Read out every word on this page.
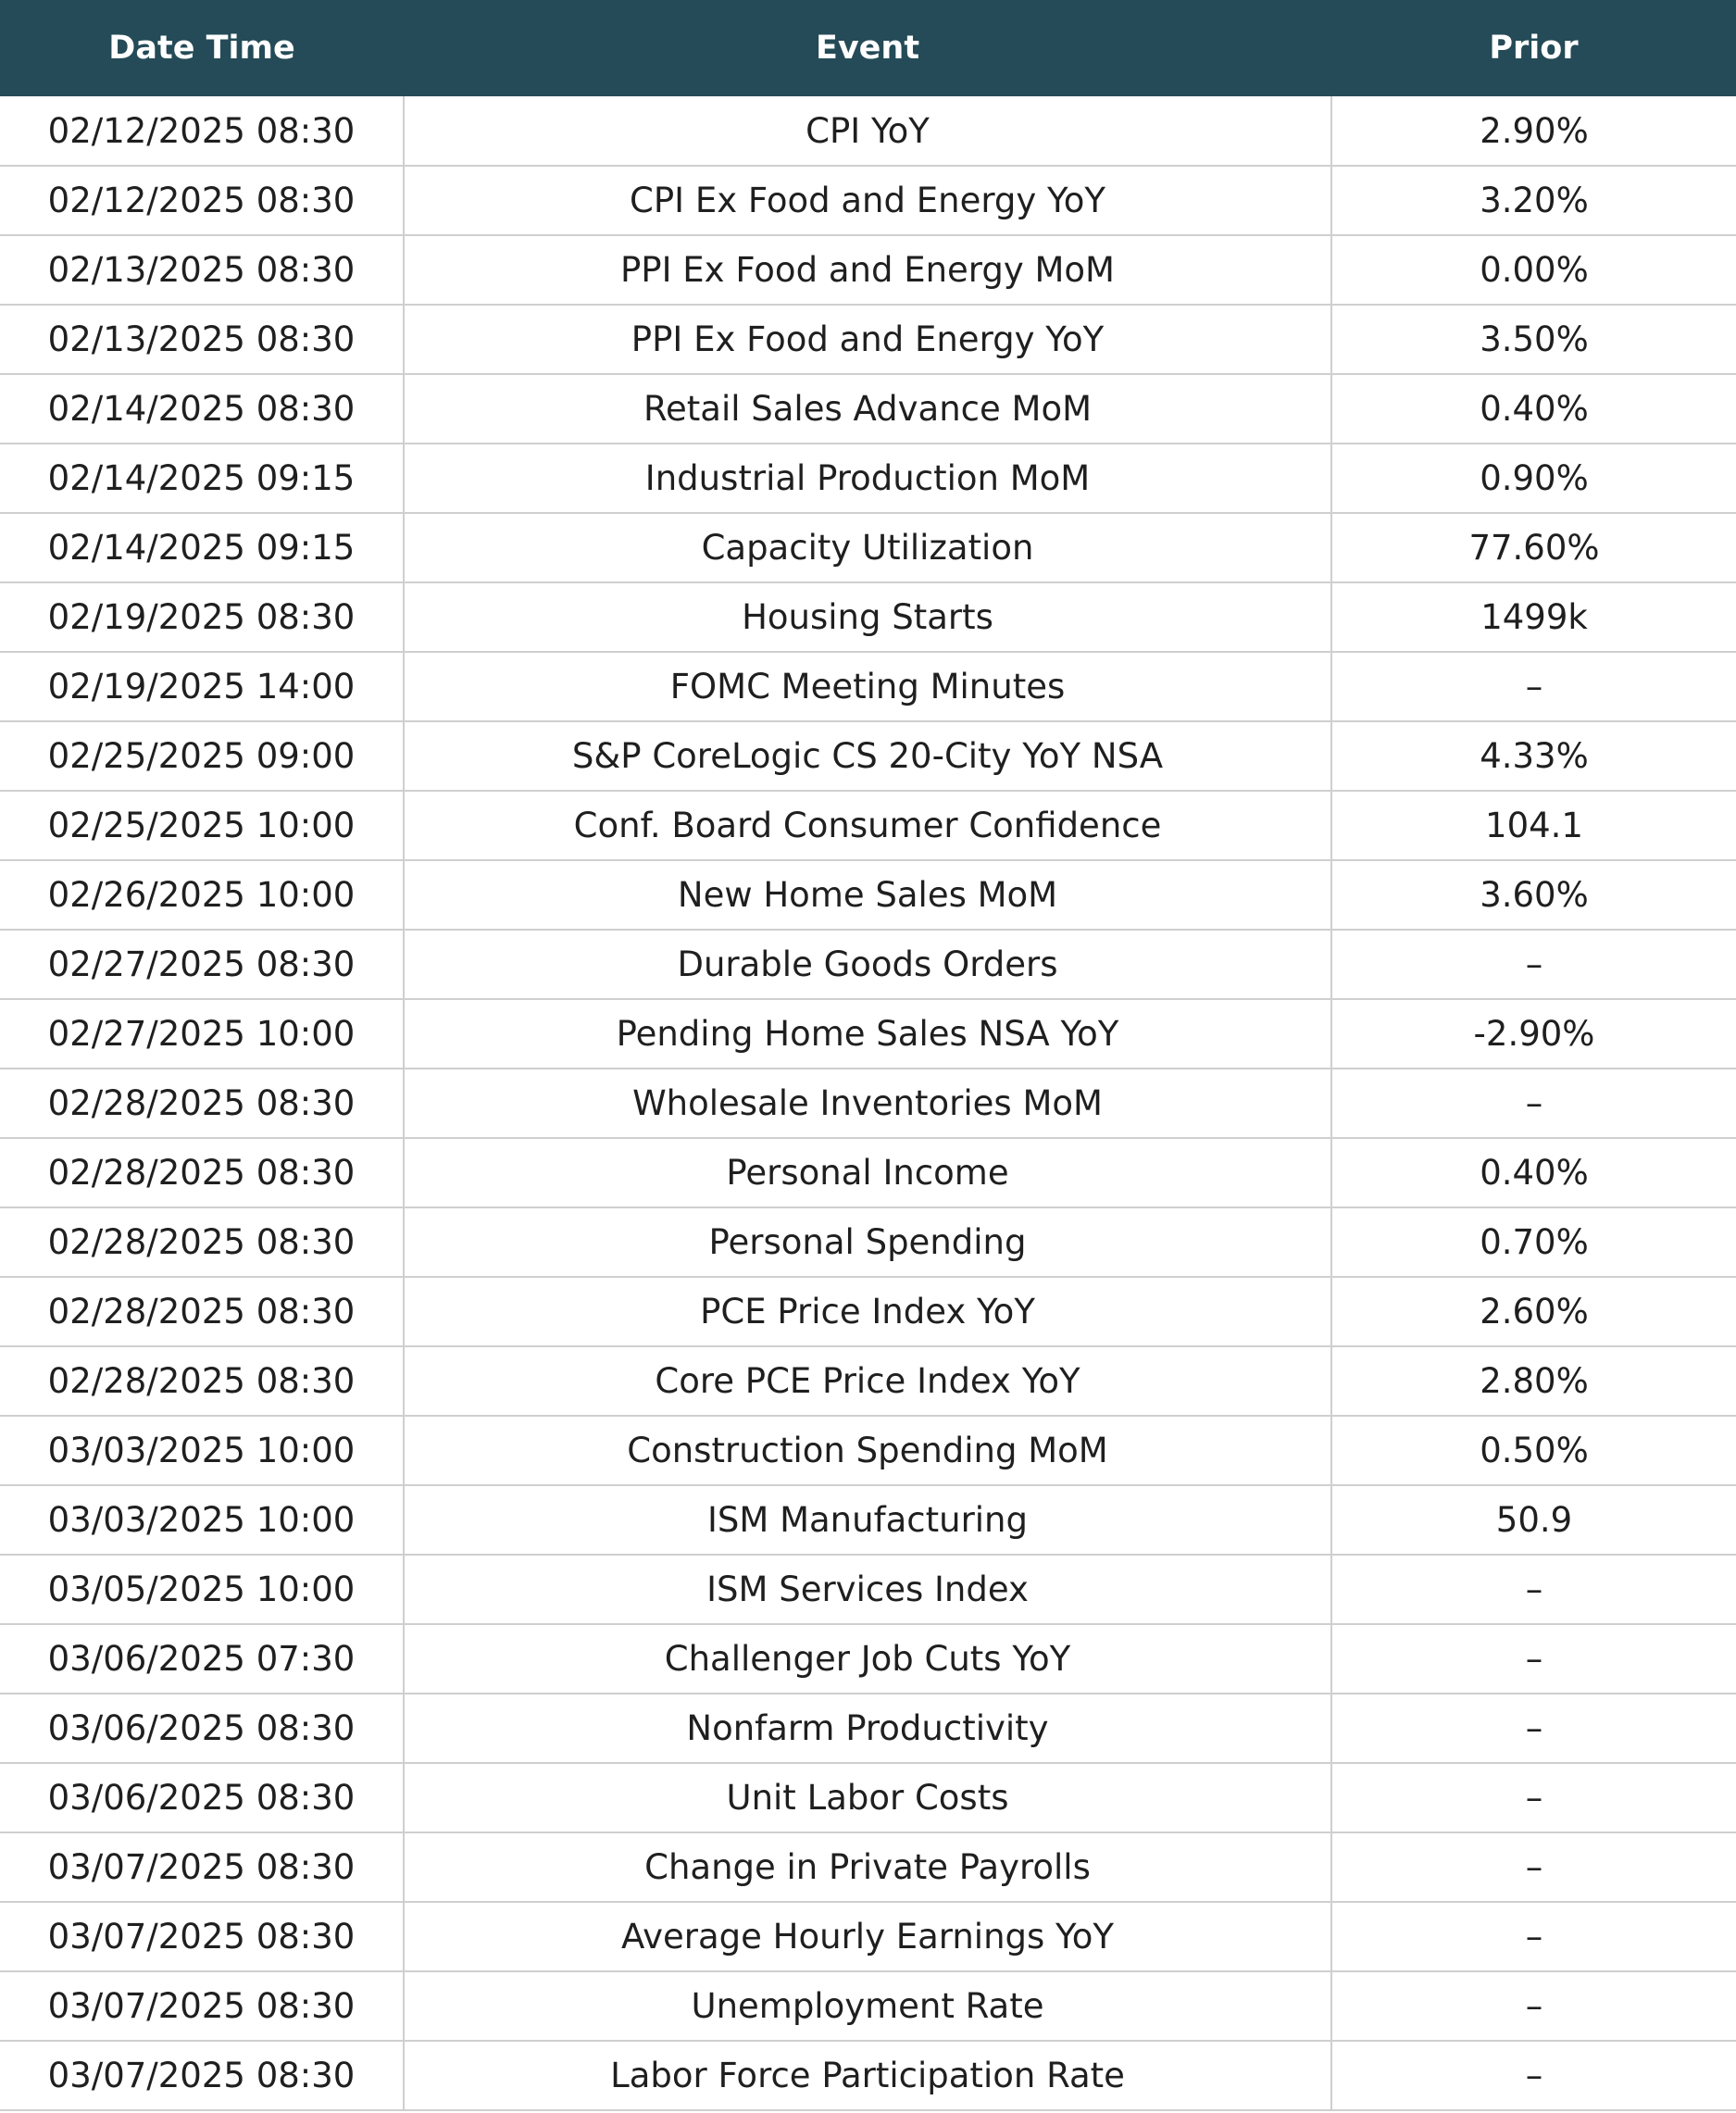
Date Time	Event	Prior
02/12/2025 08:30	CPI YoY	2.90%
02/12/2025 08:30	CPI Ex Food and Energy YoY	3.20%
02/13/2025 08:30	PPI Ex Food and Energy MoM	0.00%
02/13/2025 08:30	PPI Ex Food and Energy YoY	3.50%
02/14/2025 08:30	Retail Sales Advance MoM	0.40%
02/14/2025 09:15	Industrial Production MoM	0.90%
02/14/2025 09:15	Capacity Utilization	77.60%
02/19/2025 08:30	Housing Starts	1499k
02/19/2025 14:00	FOMC Meeting Minutes	–
02/25/2025 09:00	S&P CoreLogic CS 20-City YoY NSA	4.33%
02/25/2025 10:00	Conf. Board Consumer Confidence	104.1
02/26/2025 10:00	New Home Sales MoM	3.60%
02/27/2025 08:30	Durable Goods Orders	–
02/27/2025 10:00	Pending Home Sales NSA YoY	-2.90%
02/28/2025 08:30	Wholesale Inventories MoM	–
02/28/2025 08:30	Personal Income	0.40%
02/28/2025 08:30	Personal Spending	0.70%
02/28/2025 08:30	PCE Price Index YoY	2.60%
02/28/2025 08:30	Core PCE Price Index YoY	2.80%
03/03/2025 10:00	Construction Spending MoM	0.50%
03/03/2025 10:00	ISM Manufacturing	50.9
03/05/2025 10:00	ISM Services Index	–
03/06/2025 07:30	Challenger Job Cuts YoY	–
03/06/2025 08:30	Nonfarm Productivity	–
03/06/2025 08:30	Unit Labor Costs	–
03/07/2025 08:30	Change in Private Payrolls	–
03/07/2025 08:30	Average Hourly Earnings YoY	–
03/07/2025 08:30	Unemployment Rate	–
03/07/2025 08:30	Labor Force Participation Rate	–
